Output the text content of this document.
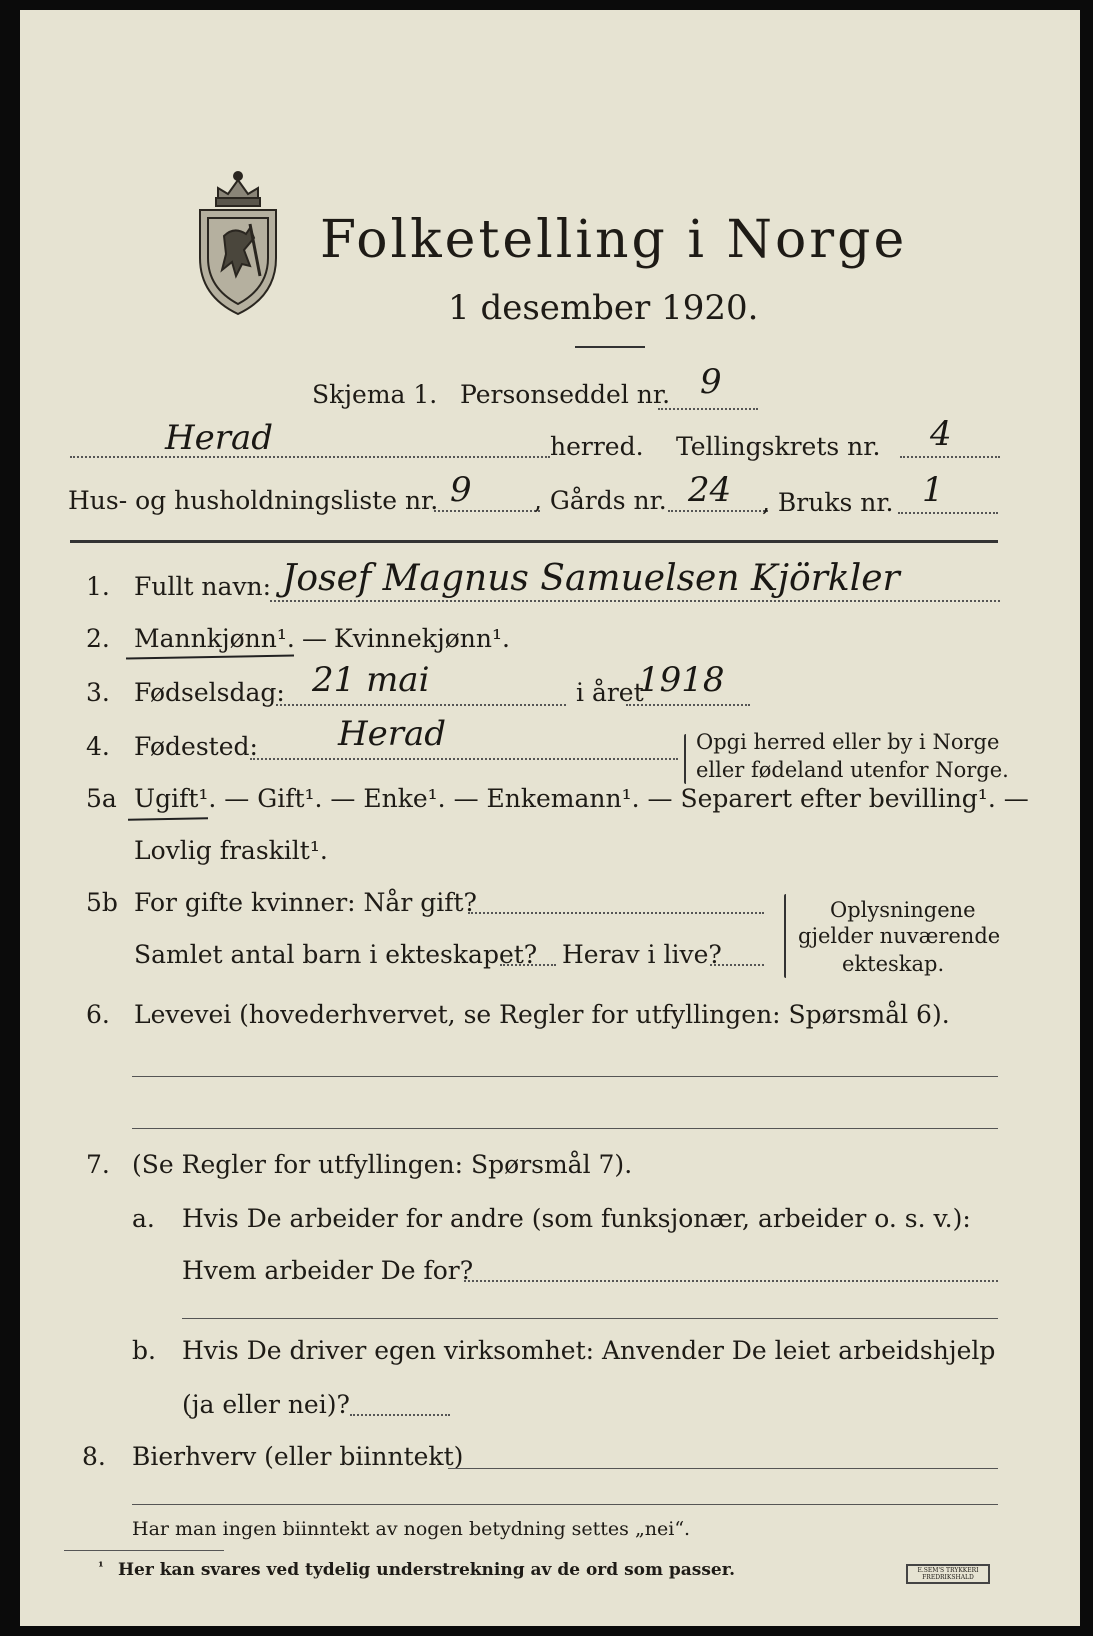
Folketelling i Norge
1 desember 1920.
Skjema 1. Personseddel nr. 9
Herad	herred. Tellingskrets nr. 4
Hus- og husholdningsliste nr. 9 , Gårds nr. 24 , Bruks nr. 1
1. Fullt navn: Josef Magnus Samuelsen Kjörkler
2. Mannkjønn¹. — Kvinnekjønn¹.
3. Fødselsdag: 21 mai	i året
1918
4. Fødested: Herad	Opgi herred eller by i Norge
eller fødeland utenfor Norge.
5a Ugift¹. — Gift¹. — Enke¹. — Enkemann¹. — Separert efter bevilling¹. —
Lovlig fraskilt¹.
5b For gifte kvinner: Når gift?
Samlet antal barn i ekteskapet? Herav i live?
Oplysningene
gjelder nuværende
ekteskap.
6. Levevei (hovederhvervet, se Regler for utfyllingen: Spørsmål 6).
7. (Se Regler for utfyllingen: Spørsmål 7).
a. Hvis De arbeider for andre (som funksjonær, arbeider o. s. v.):
Hvem arbeider De for?
b. Hvis De driver egen virksomhet: Anvender De leiet arbeidshjelp
(ja eller nei)?
8. Bierhverv (eller biinntekt)
Har man ingen biinntekt av nogen betydning settes „nei“.
¹ Her kan svares ved tydelig understrekning av de ord som passer.	E.SEM'S TRYKKERI FREDRIKSHALD
